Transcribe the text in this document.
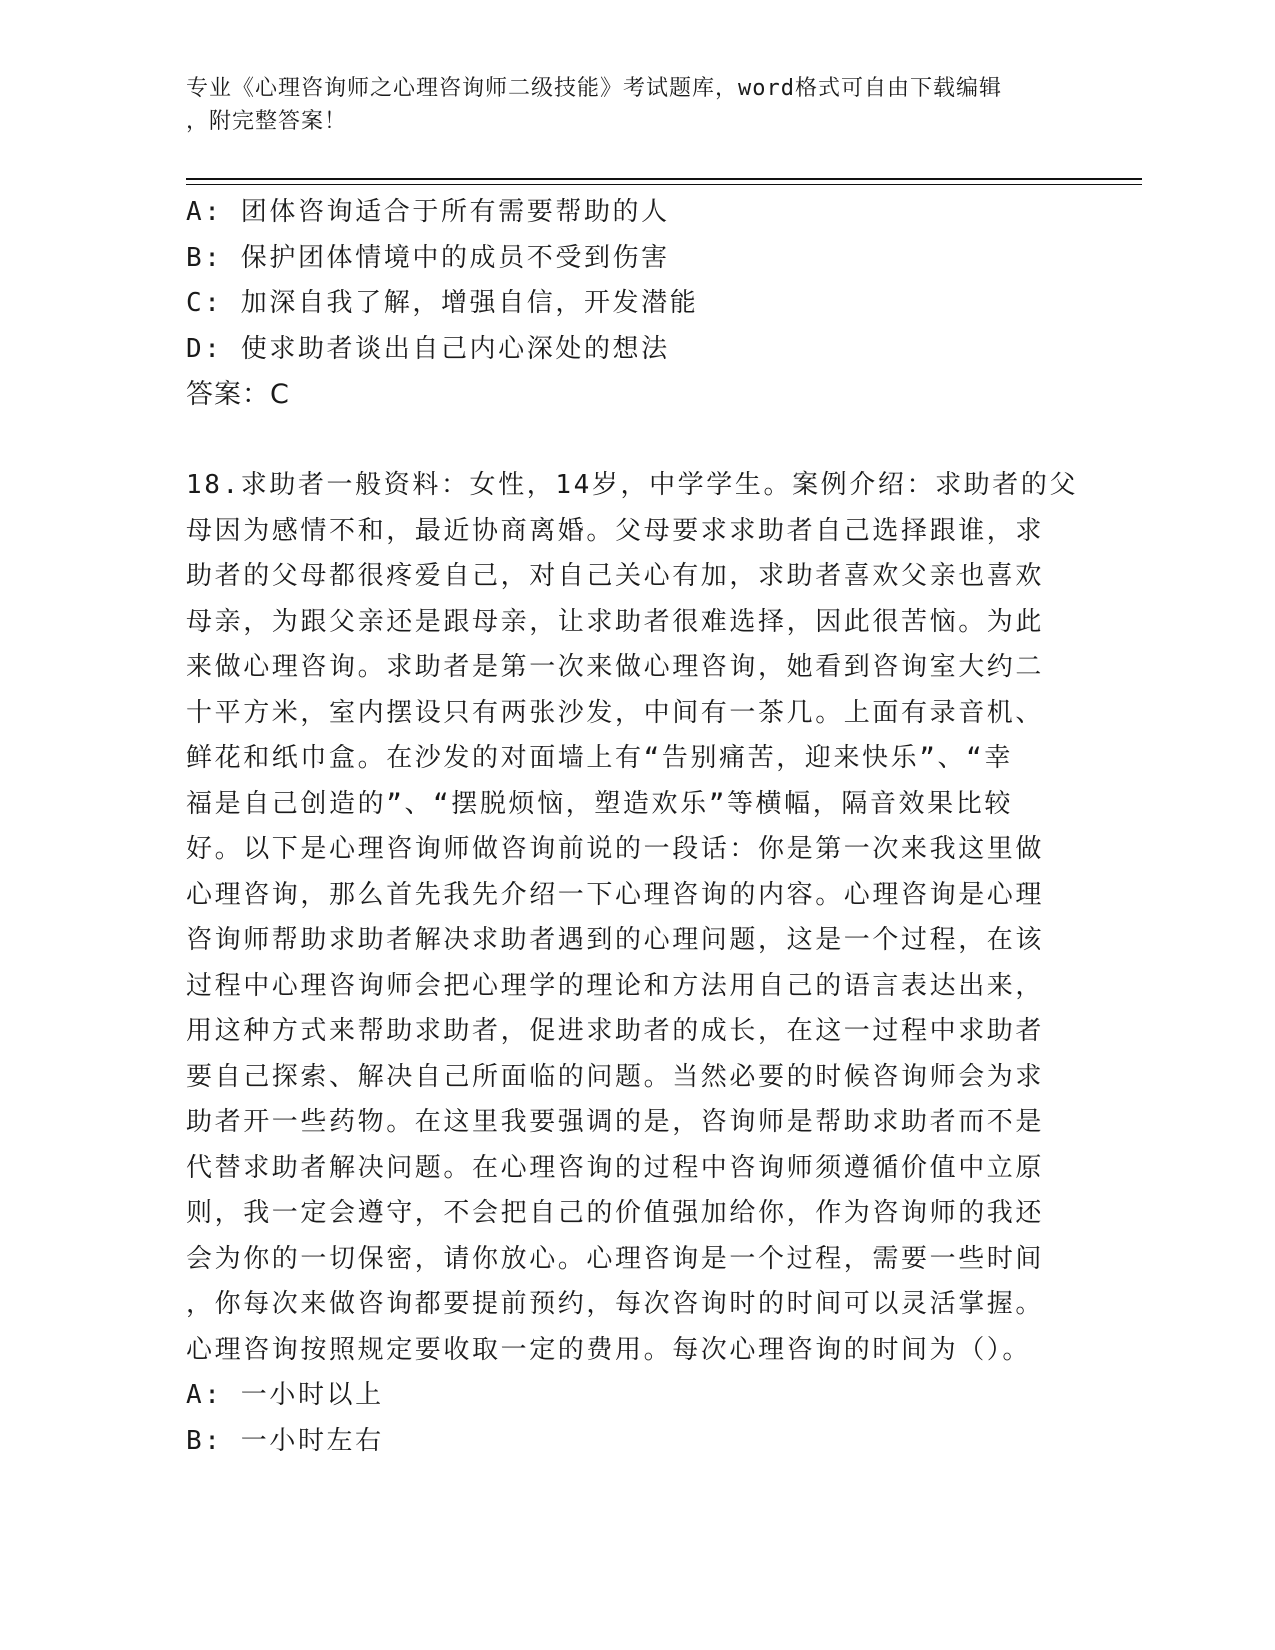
专业《心理咨询师之心理咨询师二级技能》考试题库，word格式可自由下载编辑
，附完整答案！
A: 团体咨询适合于所有需要帮助的人
B: 保护团体情境中的成员不受到伤害
C: 加深自我了解，增强自信，开发潜能
D: 使求助者谈出自己内心深处的想法
答案：C
18.求助者一般资料：女性，14岁，中学学生。案例介绍：求助者的父
母因为感情不和，最近协商离婚。父母要求求助者自己选择跟谁，求
助者的父母都很疼爱自己，对自己关心有加，求助者喜欢父亲也喜欢
母亲，为跟父亲还是跟母亲，让求助者很难选择，因此很苦恼。为此
来做心理咨询。求助者是第一次来做心理咨询，她看到咨询室大约二
十平方米，室内摆设只有两张沙发，中间有一茶几。上面有录音机、
鲜花和纸巾盒。在沙发的对面墙上有“告别痛苦，迎来快乐”、“幸
福是自己创造的”、“摆脱烦恼，塑造欢乐”等横幅，隔音效果比较
好。以下是心理咨询师做咨询前说的一段话：你是第一次来我这里做
心理咨询，那么首先我先介绍一下心理咨询的内容。心理咨询是心理
咨询师帮助求助者解决求助者遇到的心理问题，这是一个过程，在该
过程中心理咨询师会把心理学的理论和方法用自己的语言表达出来，
用这种方式来帮助求助者，促进求助者的成长，在这一过程中求助者
要自己探索、解决自己所面临的问题。当然必要的时候咨询师会为求
助者开一些药物。在这里我要强调的是，咨询师是帮助求助者而不是
代替求助者解决问题。在心理咨询的过程中咨询师须遵循价值中立原
则，我一定会遵守，不会把自己的价值强加给你，作为咨询师的我还
会为你的一切保密，请你放心。心理咨询是一个过程，需要一些时间
，你每次来做咨询都要提前预约，每次咨询时的时间可以灵活掌握。
心理咨询按照规定要收取一定的费用。每次心理咨询的时间为（）。
A: 一小时以上
B: 一小时左右
